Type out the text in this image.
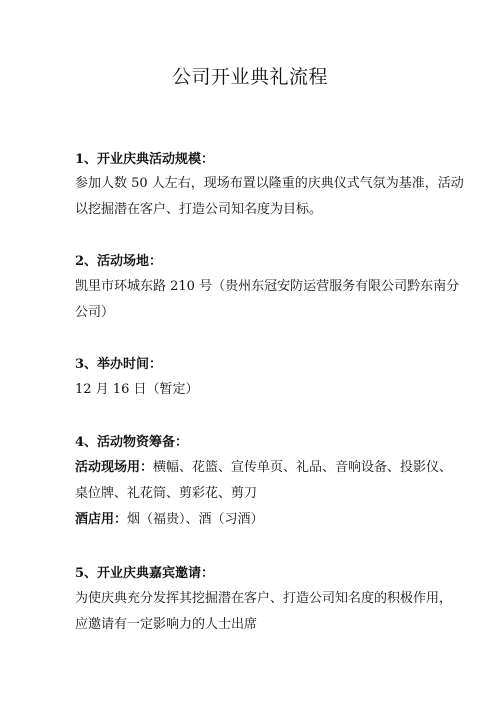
公司开业典礼流程
1、开业庆典活动规模：
参加人数 50 人左右，现场布置以隆重的庆典仪式气氛为基准，活动
以挖掘潜在客户、打造公司知名度为目标。
2、活动场地：
凯里市环城东路 210 号（贵州东冠安防运营服务有限公司黔东南分
公司）
3、举办时间：
12 月 16 日（暂定）
4、活动物资筹备：
活动现场用：横幅、花篮、宣传单页、礼品、音响设备、投影仪、
桌位牌、礼花筒、剪彩花、剪刀
酒店用：烟（福贵）、酒（习酒）
5、开业庆典嘉宾邀请：
为使庆典充分发挥其挖掘潜在客户、打造公司知名度的积极作用，
应邀请有一定影响力的人士出席
